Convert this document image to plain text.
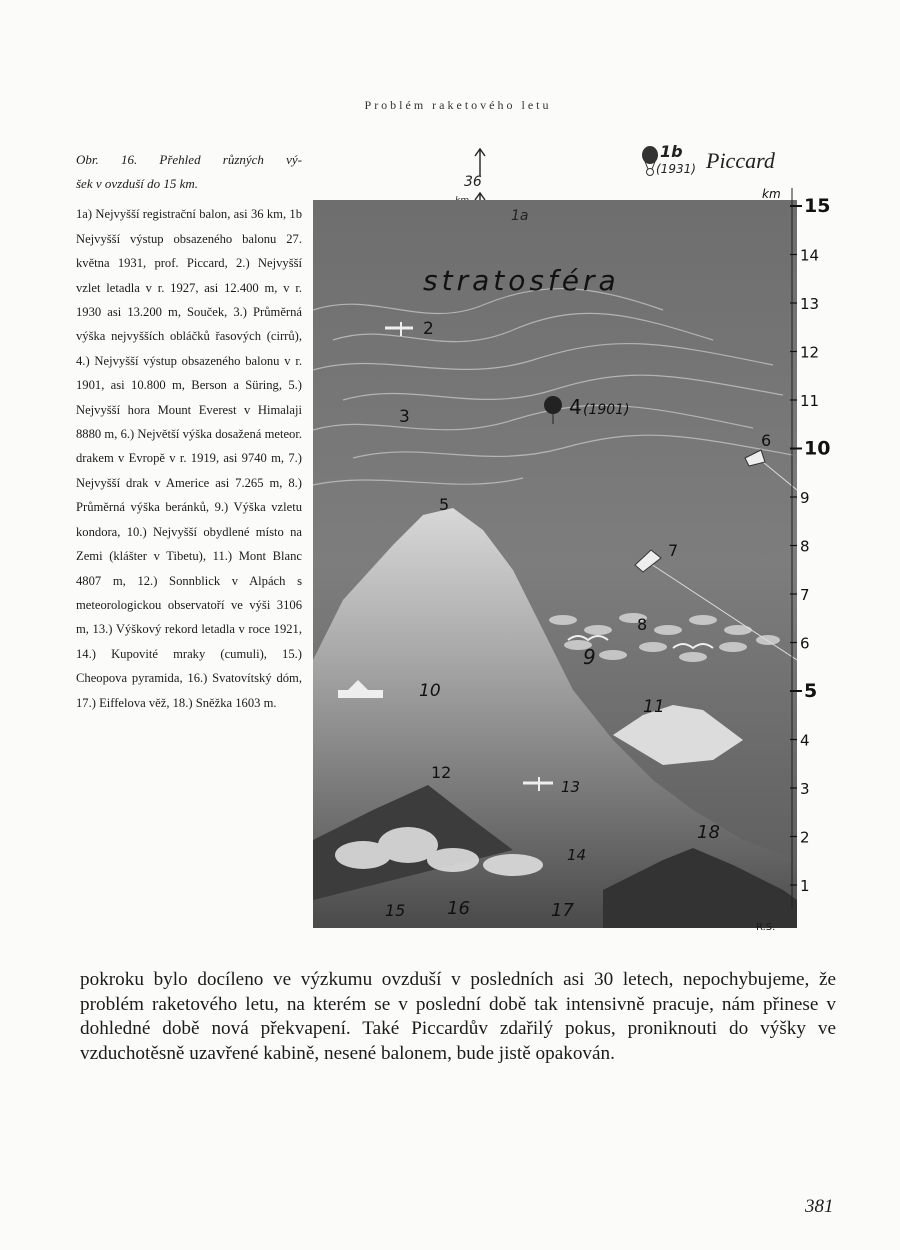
Problém raketového letu
Obr. 16. Přehled různých vý-
šek v ovzduší do 15 km.
1a) Nejvyšší registrační balon, asi 36 km, 1b Nejvyšší výstup obsazeného balonu 27. května 1931, prof. Piccard, 2.) Nejvyšší vzlet letadla v r. 1927, asi 12.400 m, v r. 1930 asi 13.200 m, Souček, 3.) Průměrná výška nejvyšších obláčků řasových (cirrů), 4.) Nejvyšší výstup obsazeného balonu v r. 1901, asi 10.800 m, Berson a Süring, 5.) Nejvyšší hora Mount Everest v Himalaji 8880 m, 6.) Největší výška dosažená meteor. drakem v Evropě v r. 1919, asi 9740 m, 7.) Nejvyšší drak v Americe asi 7.265 m, 8.) Průměrná výška beránků, 9.) Výška vzletu kondora, 10.) Nejvyšší obydlené místo na Zemi (klášter v Tibetu), 11.) Mont Blanc 4807 m, 12.) Sonnblick v Alpách s meteorologickou observatoří ve výši 3106 m, 13.) Výškový rekord letadla v roce 1921, 14.) Kupovité mraky (cumuli), 15.) Cheopova pyramida, 16.) Svatovítský dóm, 17.) Eiffelova věž, 18.) Sněžka 1603 m.
36
1b
(1931) Piccard
stratosféra
1a
2
3	4 (1901)
5
6
7
8
9
10
11
12
13
14
15 16	17
18
R.S.
km
15
14
13
12
11
10
9
8
7
6
5
4
3
2
1

pokroku bylo docíleno ve výzkumu ovzduší v posledních asi 30 letech, nepochybujeme, že problém raketového letu, na kterém se v poslední době tak intensivně pracuje, nám přinese v dohledné době nová překvapení. Také Piccardův zdařilý pokus, proniknouti do výšky ve vzduchotěsně uzavřené kabině, nesené balonem, bude jistě opakován.

381
